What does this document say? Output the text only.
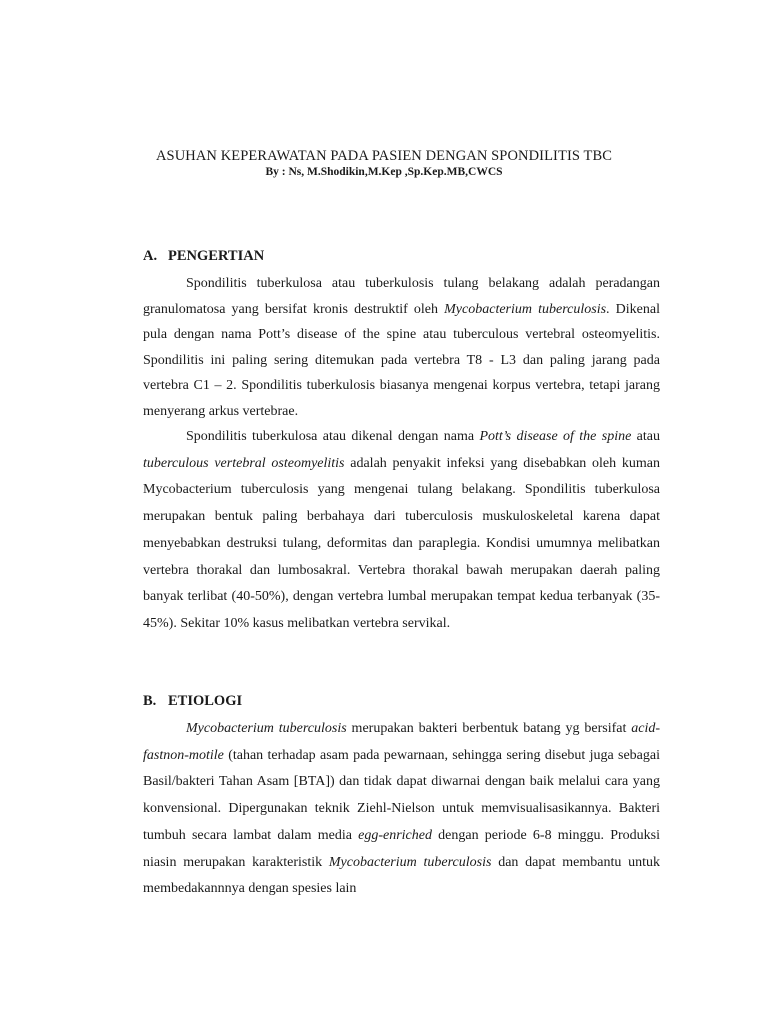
ASUHAN KEPERAWATAN PADA PASIEN DENGAN SPONDILITIS TBC
By : Ns, M.Shodikin,M.Kep ,Sp.Kep.MB,CWCS
A. PENGERTIAN

Spondilitis tuberkulosa atau tuberkulosis tulang belakang adalah peradangan granulomatosa yang bersifat kronis destruktif oleh Mycobacterium tuberculosis. Dikenal pula dengan nama Pott’s disease of the spine atau tuberculous vertebral osteomyelitis. Spondilitis ini paling sering ditemukan pada vertebra T8 - L3 dan paling jarang pada vertebra C1 – 2. Spondilitis tuberkulosis biasanya mengenai korpus vertebra, tetapi jarang menyerang arkus vertebrae.

Spondilitis tuberkulosa atau dikenal dengan nama Pott’s disease of the spine atau tuberculous vertebral osteomyelitis adalah penyakit infeksi yang disebabkan oleh kuman Mycobacterium tuberculosis yang mengenai tulang belakang. Spondilitis tuberkulosa merupakan bentuk paling berbahaya dari tuberculosis muskuloskeletal karena dapat menyebabkan destruksi tulang, deformitas dan paraplegia. Kondisi umumnya melibatkan vertebra thorakal dan lumbosakral. Vertebra thorakal bawah merupakan daerah paling banyak terlibat (40-50%), dengan vertebra lumbal merupakan tempat kedua terbanyak (35-45%). Sekitar 10% kasus melibatkan vertebra servikal.

B. ETIOLOGI

Mycobacterium tuberculosis merupakan bakteri berbentuk batang yg bersifat acid-fastnon-motile (tahan terhadap asam pada pewarnaan, sehingga sering disebut juga sebagai Basil/bakteri Tahan Asam [BTA]) dan tidak dapat diwarnai dengan baik melalui cara yang konvensional. Dipergunakan teknik Ziehl-Nielson untuk memvisualisasikannya. Bakteri tumbuh secara lambat dalam media egg-enriched dengan periode 6-8 minggu. Produksi niasin merupakan karakteristik Mycobacterium tuberculosis dan dapat membantu untuk membedakannnya dengan spesies lain
